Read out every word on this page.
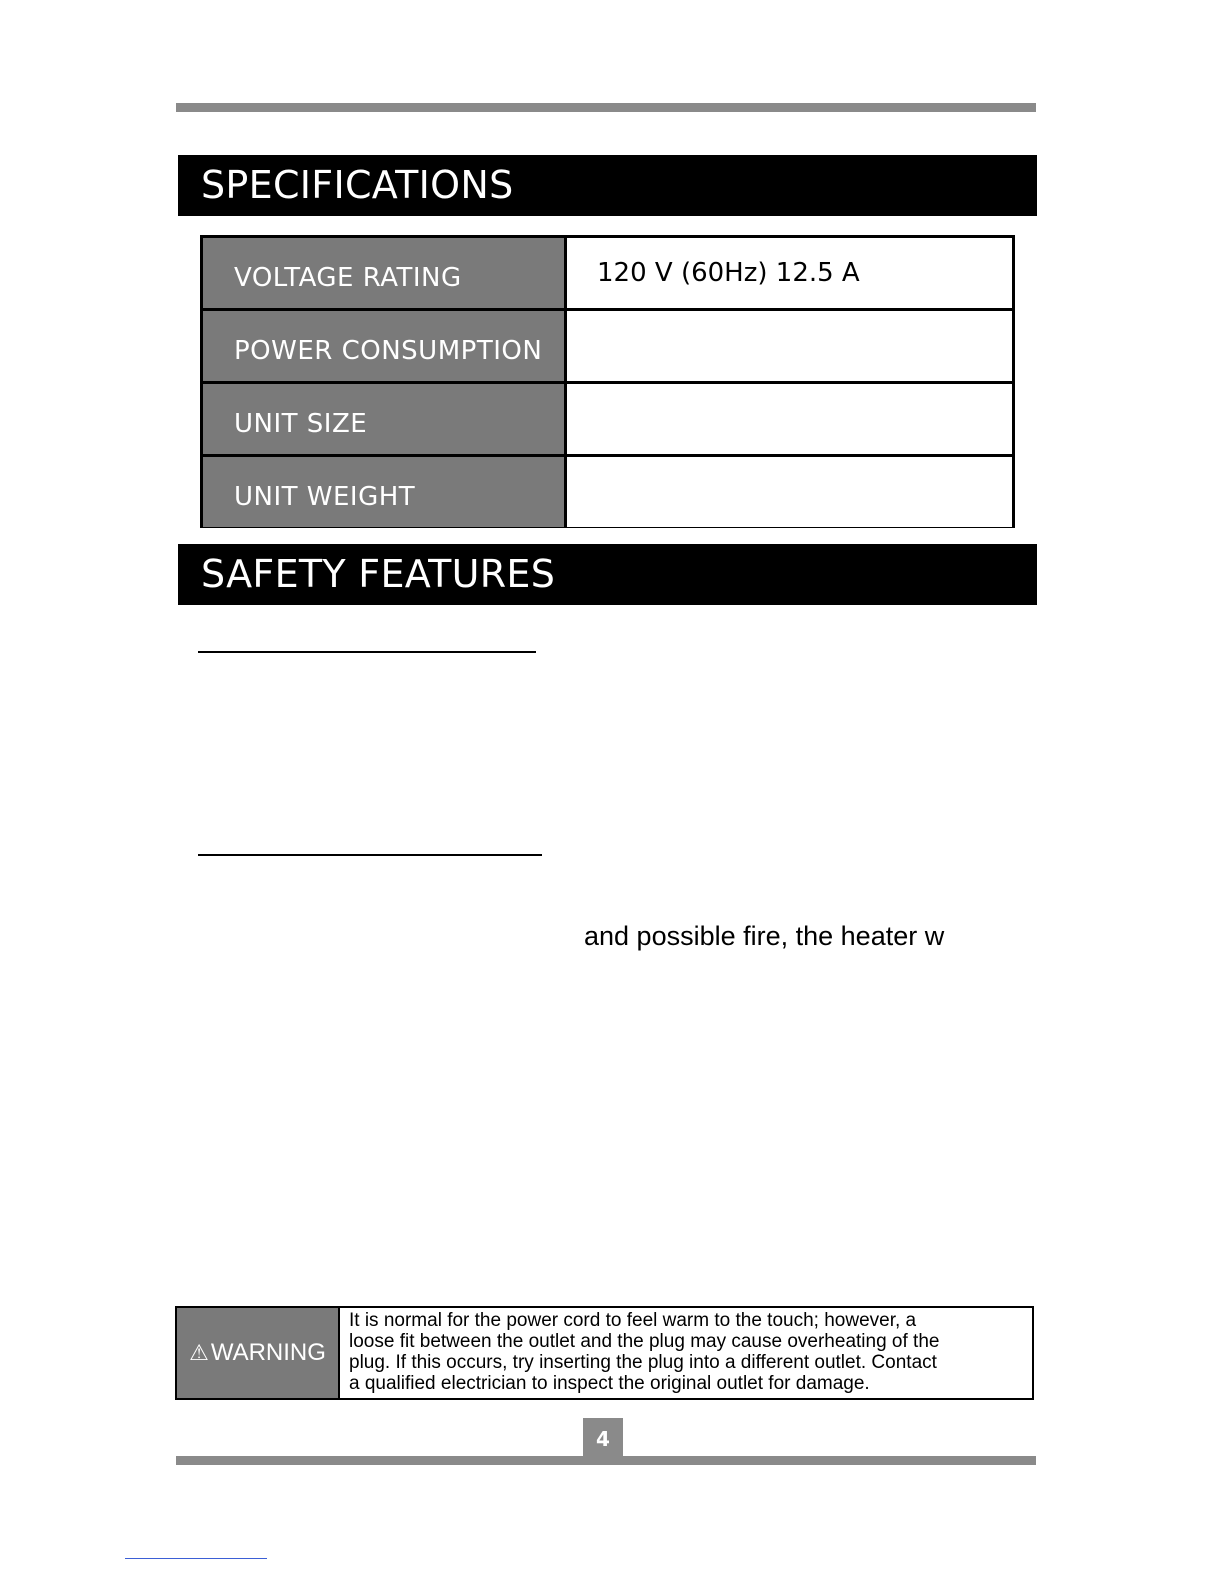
SPECIFICATIONS
VOLTAGE RATING	120 V (60Hz) 12.5 A
POWER CONSUMPTION
UNIT SIZE
UNIT WEIGHT
SAFETY FEATURES
and possible fire, the heater w
⚠ WARNING
It is normal for the power cord to feel warm to the touch; however, a
loose fit between the outlet and the plug may cause overheating of the
plug. If this occurs, try inserting the plug into a different outlet. Contact
a qualified electrician to inspect the original outlet for damage.
4
